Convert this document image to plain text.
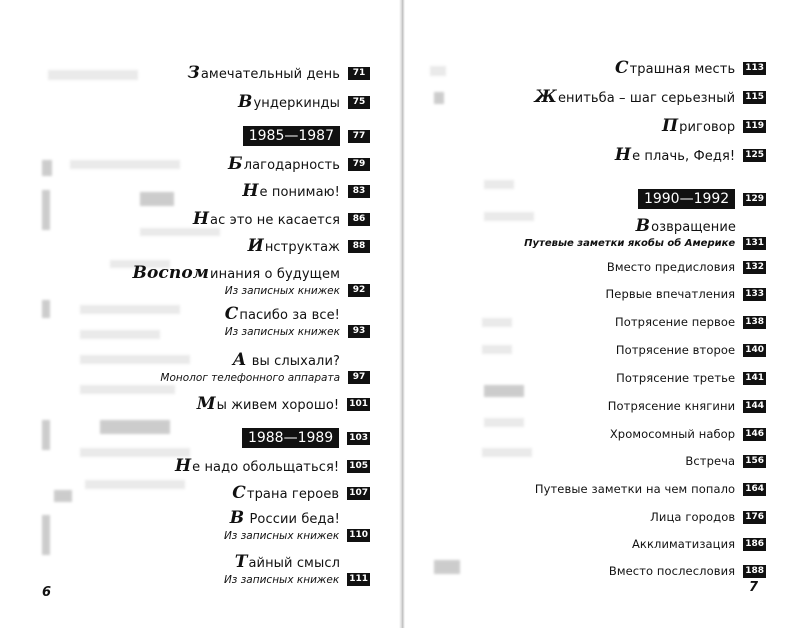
Замечательный день	71
Вундеркинды	75
1985—1987	77
Благодарность	79
Не понимаю!	83
Нас это не касается	86
Инструктаж	88
Воспоминания о будущем
Из записных книжек	92
Спасибо за все!
Из записных книжек	93
А вы слыхали?
Монолог телефонного аппарата	97
Мы живем хорошо! 101
1988—1989	103
Не надо обольщаться! 105
Страна героев 107
В России беда!
Из записных книжек 110
Тайный смысл
Из записных книжек 111
6
Страшная месть 113
Женитьба – шаг серьезный 115
Приговор 119
Не плачь, Федя! 125
1990—1992	129
Возвращение
Путевые заметки якобы об Америке 131
Вместо предисловия 132
Первые впечатления 133
Потрясение первое 138
Потрясение второе 140
Потрясение третье 141
Потрясение княгини 144
Хромосомный набор 146
Встреча 156
Путевые заметки на чем попало 164
Лица городов 176
Акклиматизация 186
Вместо послесловия 188
7
